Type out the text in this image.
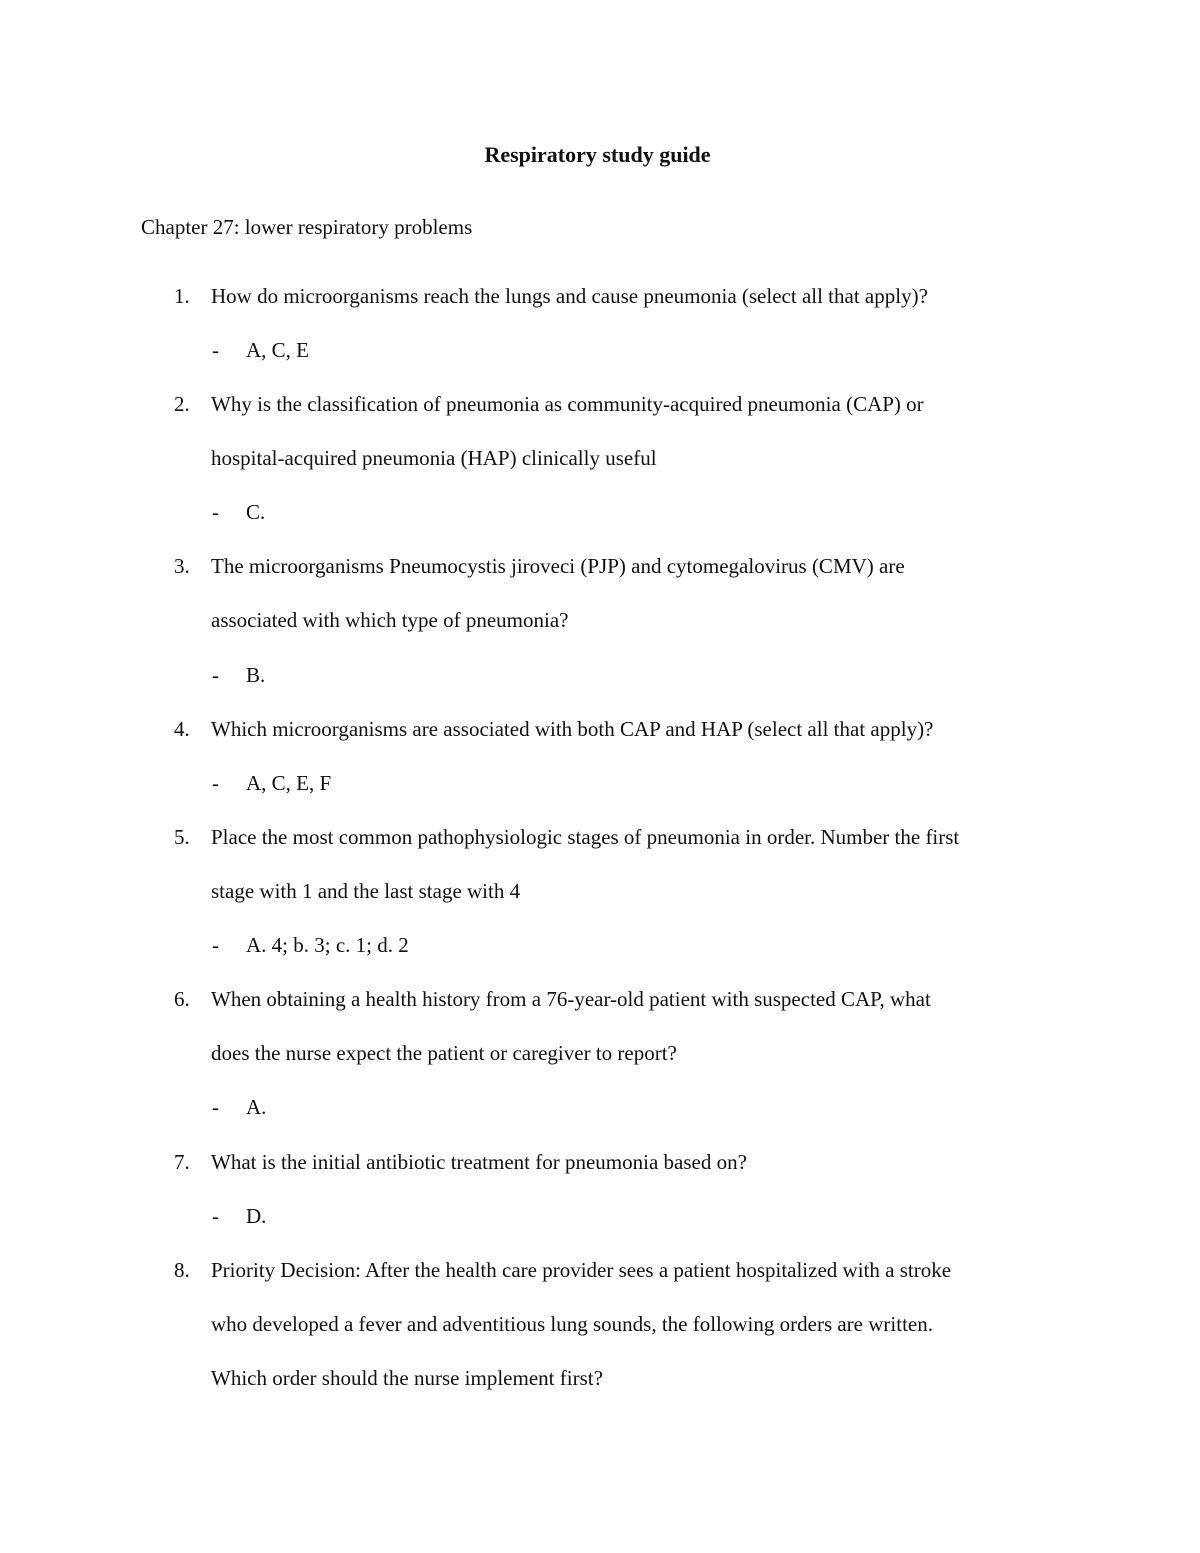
Respiratory study guide
Chapter 27: lower respiratory problems
1. How do microorganisms reach the lungs and cause pneumonia (select all that apply)?
- A, C, E
2. Why is the classification of pneumonia as community-acquired pneumonia (CAP) or
hospital-acquired pneumonia (HAP) clinically useful
- C.
3. The microorganisms Pneumocystis jiroveci (PJP) and cytomegalovirus (CMV) are
associated with which type of pneumonia?
- B.
4. Which microorganisms are associated with both CAP and HAP (select all that apply)?
- A, C, E, F
5. Place the most common pathophysiologic stages of pneumonia in order. Number the first
stage with 1 and the last stage with 4
- A. 4; b. 3; c. 1; d. 2
6. When obtaining a health history from a 76-year-old patient with suspected CAP, what
does the nurse expect the patient or caregiver to report?
- A.
7. What is the initial antibiotic treatment for pneumonia based on?
- D.
8. Priority Decision: After the health care provider sees a patient hospitalized with a stroke
who developed a fever and adventitious lung sounds, the following orders are written.
Which order should the nurse implement first?
